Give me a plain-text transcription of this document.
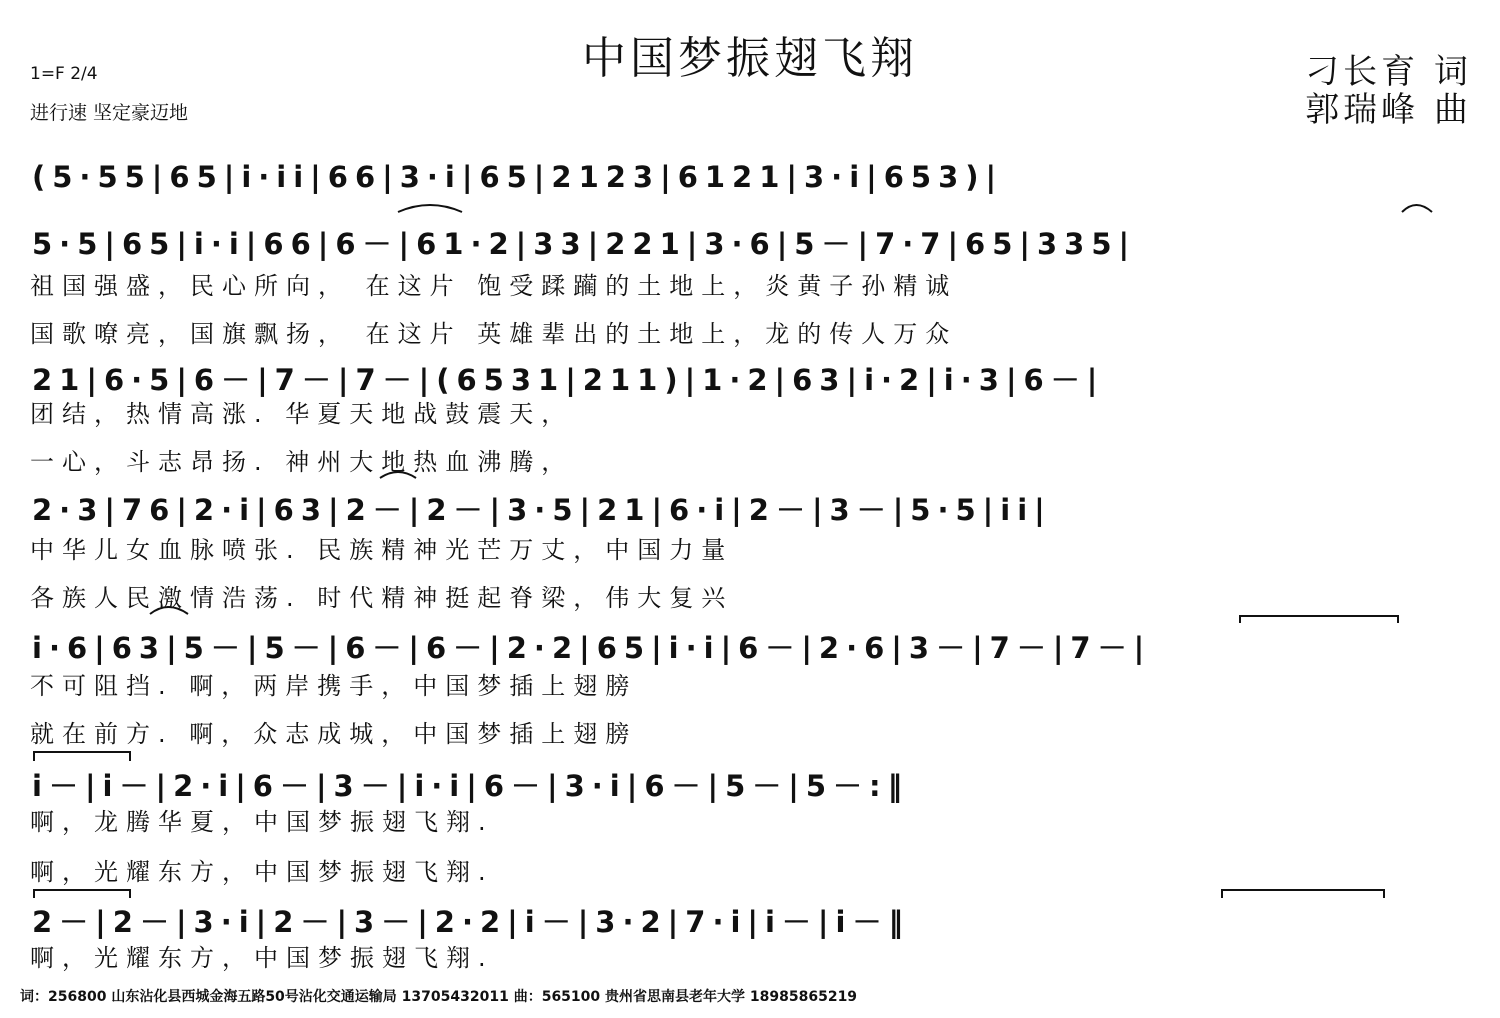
中国梦振翅飞翔
1=F 2/4
进行速 坚定豪迈地
刁长育 词
郭瑞峰 曲
(5·55|65|i·ii|66|3·i|65|2123|6121|3·i|653)|
5·5|65|i·i|66|6－|61·2|33|221|3·6|5－|7·7|65|335|
祖国强盛，民心所向， 在这片 饱受蹂躏的土地上，炎黄子孙精诚
国歌嘹亮，国旗飘扬， 在这片 英雄辈出的土地上，龙的传人万众
21|6·5|6－|7－|7－|(6531|211)|1·2|63|i·2|i·3|6－|
团结，热情高涨. 华夏天地战鼓震天，
一心，斗志昂扬. 神州大地热血沸腾，
2·3|76|2·i|63|2－|2－|3·5|21|6·i|2－|3－|5·5|ii|
中华儿女血脉喷张. 民族精神光芒万丈，中国力量
各族人民激情浩荡. 时代精神挺起脊梁，伟大复兴
i·6|63|5－|5－|6－|6－|2·2|65|i·i|6－|2·6|3－|7－|7－|
不可阻挡. 啊，两岸携手，中国梦插上翅膀
就在前方. 啊，众志成城，中国梦插上翅膀
i－|i－|2·i|6－|3－|i·i|6－|3·i|6－|5－|5－:‖
啊，龙腾华夏，中国梦振翅飞翔.
啊，光耀东方，中国梦振翅飞翔.
2－|2－|3·i|2－|3－|2·2|i－|3·2|7·i|i－|i－‖
啊，光耀东方，中国梦振翅飞翔.
词：256800 山东沾化县西城金海五路50号沾化交通运输局 13705432011 曲：565100 贵州省思南县老年大学 18985865219
